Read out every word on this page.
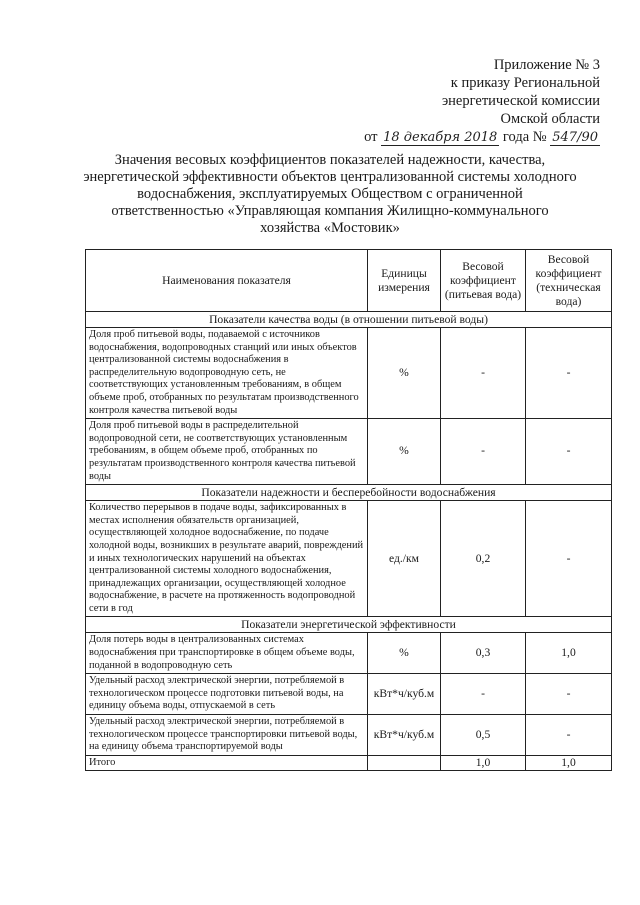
Приложение № 3
к приказу Региональной
энергетической комиссии
Омской области
от 18 декабря 2018 года № 547/90
Значения весовых коэффициентов показателей надежности, качества, энергетической эффективности объектов централизованной системы холодного водоснабжения, эксплуатируемых Обществом с ограниченной ответственностью «Управляющая компания Жилищно-коммунального хозяйства «Мостовик»
Наименования показателя	Единицы измерения	Весовой коэффициент (питьевая вода)	Весовой коэффициент (техническая вода)
Показатели качества воды (в отношении питьевой воды)			
Доля проб питьевой воды, подаваемой с источников водоснабжения, водопроводных станций или иных объектов централизованной системы водоснабжения в распределительную водопроводную сеть, не соответствующих установленным требованиям, в общем объеме проб, отобранных по результатам производственного контроля качества питьевой воды	%	-	-
Доля проб питьевой воды в распределительной водопроводной сети, не соответствующих установленным требованиям, в общем объеме проб, отобранных по результатам производственного контроля качества питьевой воды	%	-	-
Показатели надежности и бесперебойности водоснабжения			
Количество перерывов в подаче воды, зафиксированных в местах исполнения обязательств организацией, осуществляющей холодное водоснабжение, по подаче холодной воды, возникших в результате аварий, повреждений и иных технологических нарушений на объектах централизованной системы холодного водоснабжения, принадлежащих организации, осуществляющей холодное водоснабжение, в расчете на протяженность водопроводной сети в год	ед./км	0,2	-
Показатели энергетической эффективности			
Доля потерь воды в централизованных системах водоснабжения при транспортировке в общем объеме воды, поданной в водопроводную сеть	%	0,3	1,0
Удельный расход электрической энергии, потребляемой в технологическом процессе подготовки питьевой воды, на единицу объема воды, отпускаемой в сеть	кВт*ч/куб.м	-	-
Удельный расход электрической энергии, потребляемой в технологическом процессе транспортировки питьевой воды, на единицу объема транспортируемой воды	кВт*ч/куб.м	0,5	-
Итого		1,0	1,0
